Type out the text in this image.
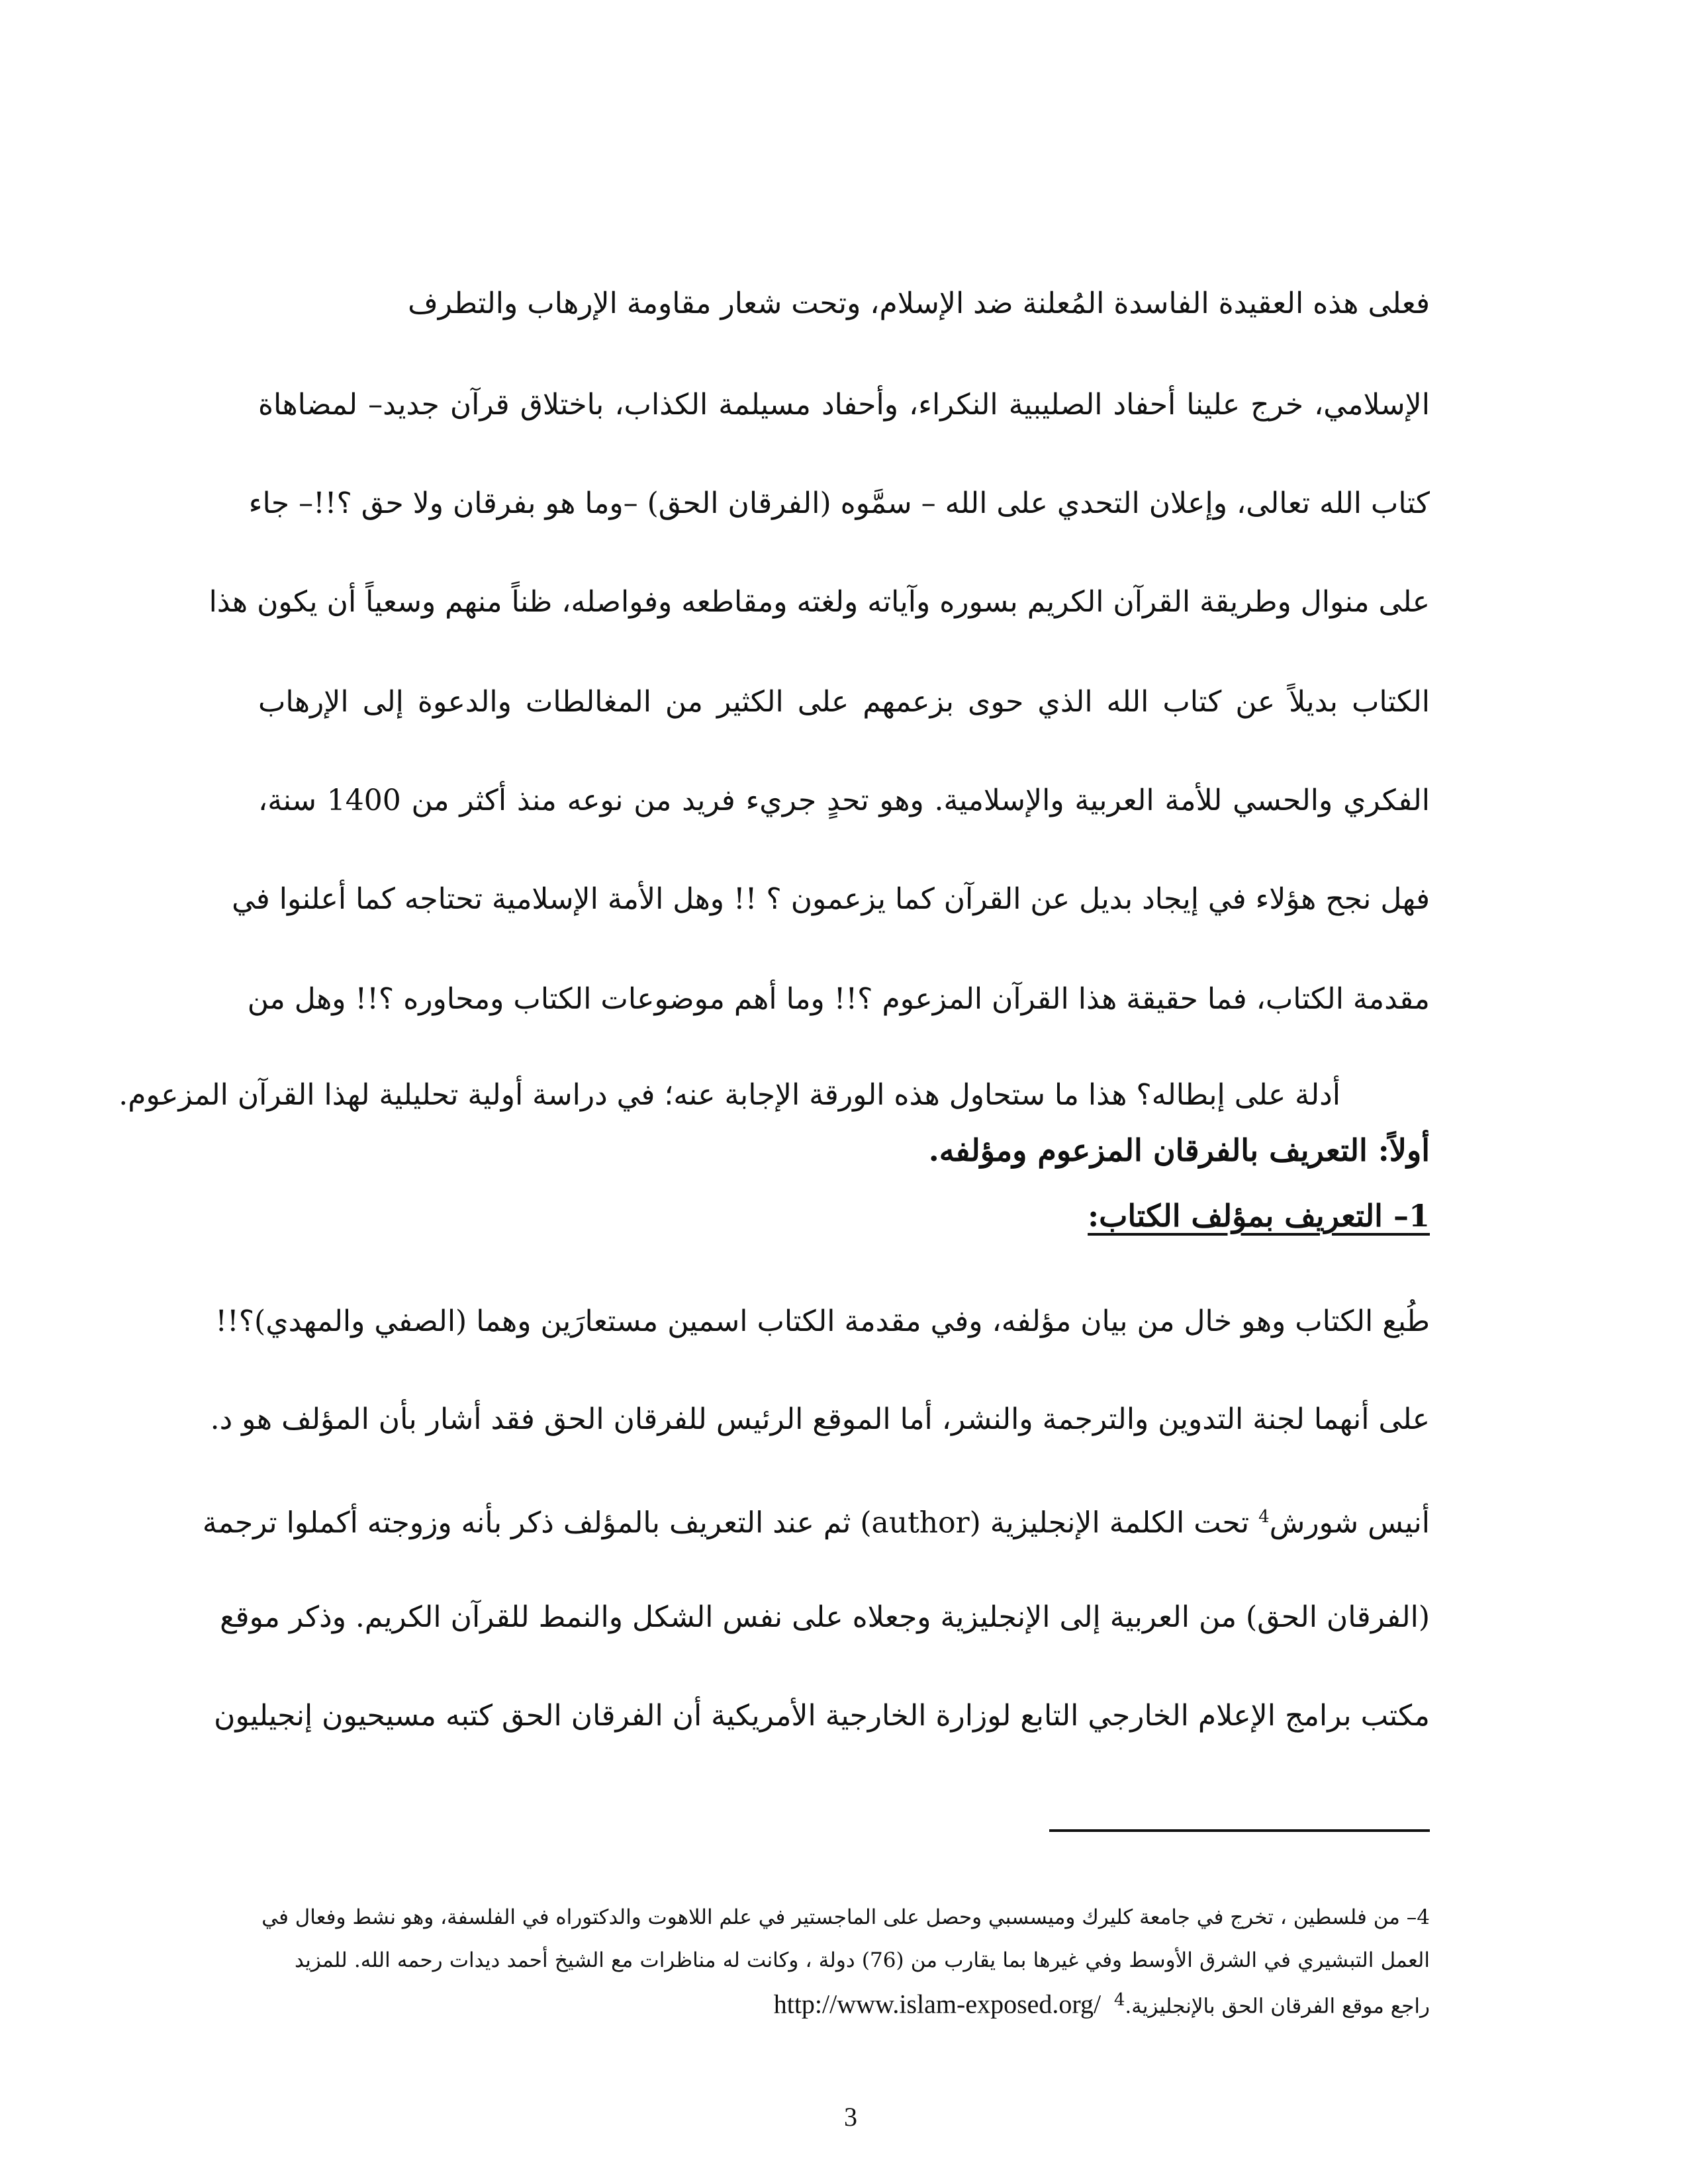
فعلى هذه العقيدة الفاسدة المُعلنة ضد الإسلام، وتحت شعار مقاومة الإرهاب والتطرف
الإسلامي، خرج علينا أحفاد الصليبية النكراء، وأحفاد مسيلمة الكذاب، باختلاق قرآن جديد– لمضاهاة
كتاب الله تعالى، وإعلان التحدي على الله – سمَّوه (الفرقان الحق) –وما هو بفرقان ولا حق ؟!!– جاء
على منوال وطريقة القرآن الكريم بسوره وآياته ولغته ومقاطعه وفواصله، ظناً منهم وسعياً أن يكون هذا
الكتاب بديلاً عن كتاب الله الذي حوى بزعمهم على الكثير من المغالطات والدعوة إلى الإرهاب
الفكري والحسي للأمة العربية والإسلامية. وهو تحدٍ جريء فريد من نوعه منذ أكثر من 1400 سنة،
فهل نجح هؤلاء في إيجاد بديل عن القرآن كما يزعمون ؟ !! وهل الأمة الإسلامية تحتاجه كما أعلنوا في
مقدمة الكتاب، فما حقيقة هذا القرآن المزعوم ؟!! وما أهم موضوعات الكتاب ومحاوره ؟!! وهل من
أدلة على إبطاله؟ هذا ما ستحاول هذه الورقة الإجابة عنه؛ في دراسة أولية تحليلية لهذا القرآن المزعوم.
أولاً: التعريف بالفرقان المزعوم ومؤلفه.
1– التعريف بمؤلف الكتاب:
طُبع الكتاب وهو خال من بيان مؤلفه، وفي مقدمة الكتاب اسمين مستعارَين وهما (الصفي والمهدي)؟!!
على أنهما لجنة التدوين والترجمة والنشر، أما الموقع الرئيس للفرقان الحق فقد أشار بأن المؤلف هو د.
أنيس شورش$^4$ تحت الكلمة الإنجليزية (author) ثم عند التعريف بالمؤلف ذكر بأنه وزوجته أكملوا ترجمة
(الفرقان الحق) من العربية إلى الإنجليزية وجعلاه على نفس الشكل والنمط للقرآن الكريم. وذكر موقع
مكتب برامج الإعلام الخارجي التابع لوزارة الخارجية الأمريكية أن الفرقان الحق كتبه مسيحيون إنجيليون
4– من فلسطين ، تخرج في جامعة كليرك وميسسبي وحصل على الماجستير في علم اللاهوت والدكتوراه في الفلسفة، وهو نشط وفعال في
العمل التبشيري في الشرق الأوسط وفي غيرها بما يقارب من (76) دولة ، وكانت له مناظرات مع الشيخ أحمد ديدات رحمه الله. للمزيد
راجع موقع الفرقان الحق بالإنجليزية.$^4$  http://www.islam-exposed.org/
3
